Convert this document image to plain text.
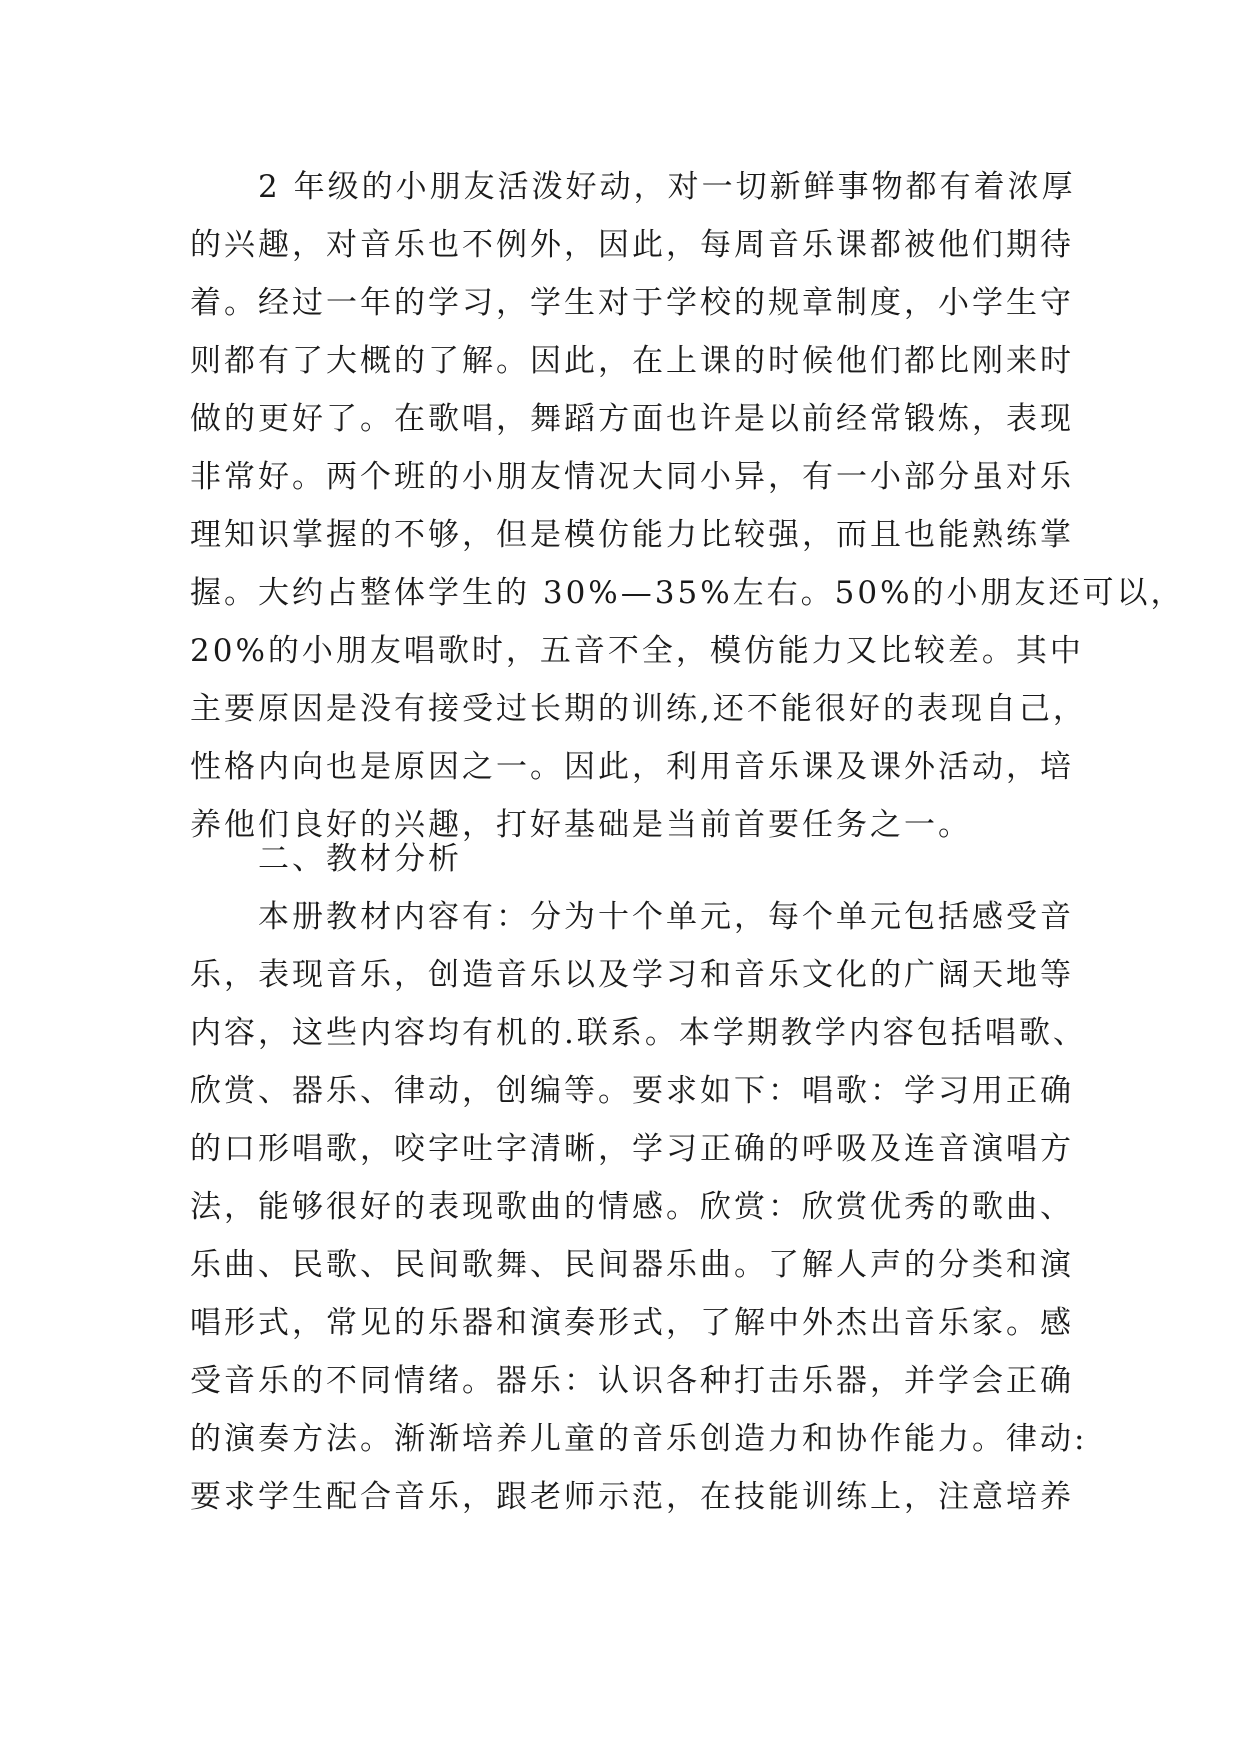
　　2 年级的小朋友活泼好动，对一切新鲜事物都有着浓厚
的兴趣，对音乐也不例外，因此，每周音乐课都被他们期待
着。经过一年的学习，学生对于学校的规章制度，小学生守
则都有了大概的了解。因此，在上课的时候他们都比刚来时
做的更好了。在歌唱，舞蹈方面也许是以前经常锻炼，表现
非常好。两个班的小朋友情况大同小异，有一小部分虽对乐
理知识掌握的不够，但是模仿能力比较强，而且也能熟练掌
握。大约占整体学生的 30%—35%左右。50%的小朋友还可以，
20%的小朋友唱歌时，五音不全，模仿能力又比较差。其中
主要原因是没有接受过长期的训练,还不能很好的表现自己，
性格内向也是原因之一。因此，利用音乐课及课外活动，培
养他们良好的兴趣，打好基础是当前首要任务之一。
　　二、教材分析
　　本册教材内容有：分为十个单元，每个单元包括感受音
乐，表现音乐，创造音乐以及学习和音乐文化的广阔天地等
内容，这些内容均有机的.联系。本学期教学内容包括唱歌、
欣赏、器乐、律动，创编等。要求如下：唱歌：学习用正确
的口形唱歌，咬字吐字清晰，学习正确的呼吸及连音演唱方
法，能够很好的表现歌曲的情感。欣赏：欣赏优秀的歌曲、
乐曲、民歌、民间歌舞、民间器乐曲。了解人声的分类和演
唱形式，常见的乐器和演奏形式，了解中外杰出音乐家。感
受音乐的不同情绪。器乐：认识各种打击乐器，并学会正确
的演奏方法。渐渐培养儿童的音乐创造力和协作能力。律动:
要求学生配合音乐，跟老师示范，在技能训练上，注意培养
